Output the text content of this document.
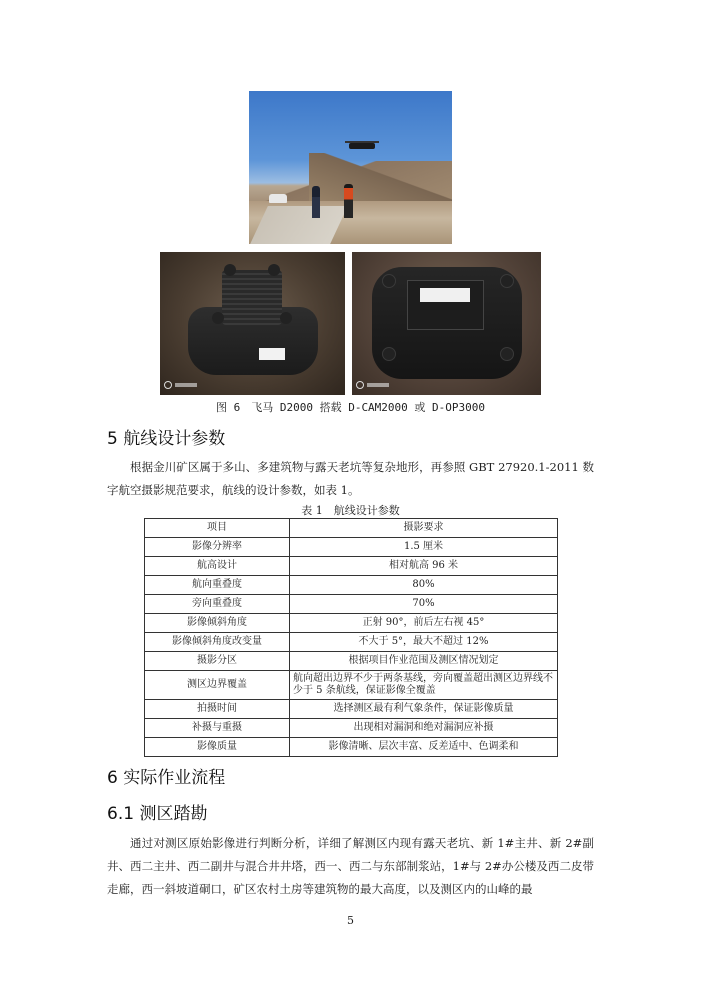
图 6　飞马 D2000 搭载 D-CAM2000 或 D-OP3000
5 航线设计参数

根据金川矿区属于多山、多建筑物与露天老坑等复杂地形，再参照 GBT 27920.1-2011 数字航空摄影规范要求，航线的设计参数，如表 1。

表 1　航线设计参数
项目	摄影要求
影像分辨率	1.5 厘米
航高设计	相对航高 96 米
航向重叠度	80%
旁向重叠度	70%
影像倾斜角度	正射 90°，前后左右视 45°
影像倾斜角度改变量	不大于 5°，最大不超过 12%
摄影分区	根据项目作业范围及测区情况划定
测区边界覆盖	航向超出边界不少于两条基线，旁向覆盖超出测区边界线不少于 5 条航线，保证影像全覆盖
拍摄时间	选择测区最有利气象条件，保证影像质量
补摄与重摄	出现相对漏洞和绝对漏洞应补摄
影像质量	影像清晰、层次丰富、反差适中、色调柔和
6 实际作业流程
6.1 测区踏勘

通过对测区原始影像进行判断分析，详细了解测区内现有露天老坑、新 1#主井、新 2#副井、西二主井、西二副井与混合井井塔，西一、西二与东部制浆站，1#与 2#办公楼及西二皮带走廊，西一斜坡道硐口，矿区农村土房等建筑物的最大高度，以及测区内的山峰的最

5
